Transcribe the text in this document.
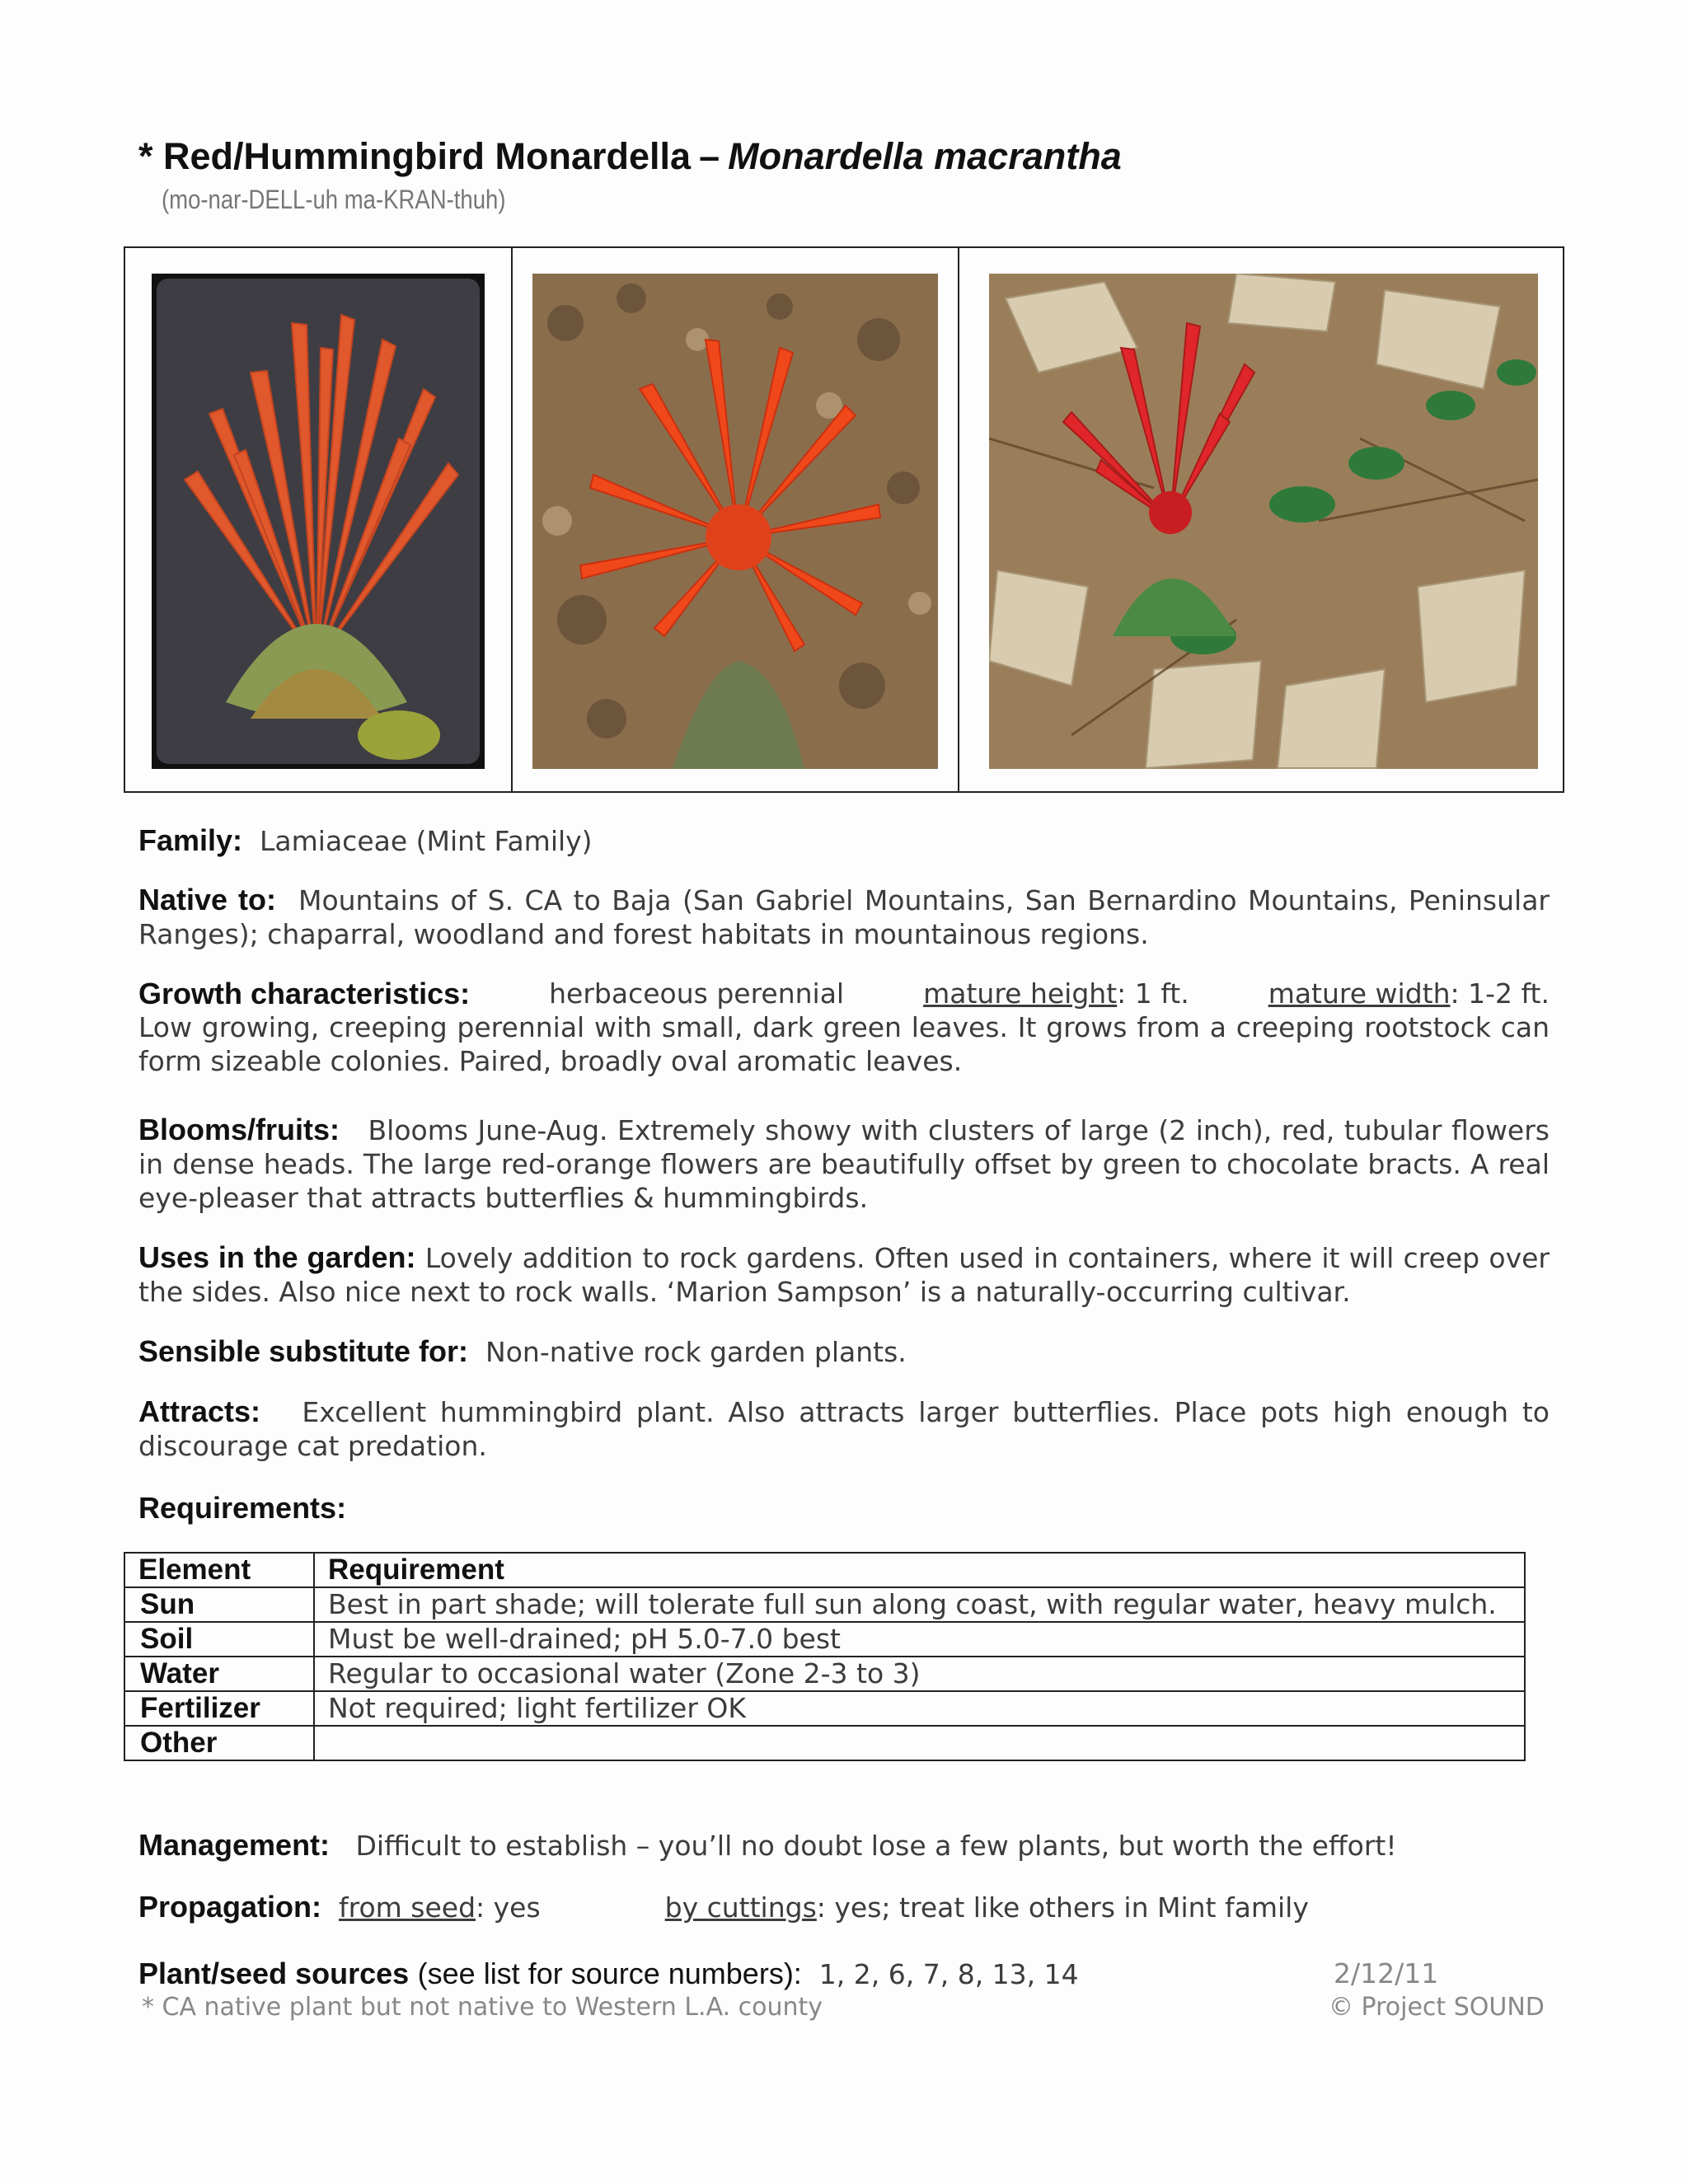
* Red/Hummingbird Monardella – Monardella macrantha
(mo-nar-DELL-uh ma-KRAN-thuh)
Family: Lamiaceae (Mint Family)
Native to: Mountains of S. CA to Baja (San Gabriel Mountains, San Bernardino Mountains, Peninsular Ranges); chaparral, woodland and forest habitats in mountainous regions.
Growth characteristics:	herbaceous perennial	mature height: 1 ft.	mature width: 1-2 ft.
Low growing, creeping perennial with small, dark green leaves. It grows from a creeping rootstock can form sizeable colonies. Paired, broadly oval aromatic leaves.
Blooms/fruits: Blooms June-Aug. Extremely showy with clusters of large (2 inch), red, tubular flowers in dense heads. The large red-orange flowers are beautifully offset by green to chocolate bracts. A real eye-pleaser that attracts butterflies & hummingbirds.
Uses in the garden: Lovely addition to rock gardens. Often used in containers, where it will creep over the sides. Also nice next to rock walls. ‘Marion Sampson’ is a naturally-occurring cultivar.
Sensible substitute for: Non-native rock garden plants.
Attracts: Excellent hummingbird plant. Also attracts larger butterflies. Place pots high enough to discourage cat predation.
Requirements:
Element	Requirement
Sun	Best in part shade; will tolerate full sun along coast, with regular water, heavy mulch.
Soil	Must be well-drained; pH 5.0-7.0 best
Water	Regular to occasional water (Zone 2-3 to 3)
Fertilizer	Not required; light fertilizer OK
Other	
Management: Difficult to establish – you’ll no doubt lose a few plants, but worth the effort!
Propagation: from seed: yes	by cuttings: yes; treat like others in Mint family
Plant/seed sources (see list for source numbers): 1, 2, 6, 7, 8, 13, 14	2/12/11
* CA native plant but not native to Western L.A. county	© Project SOUND
